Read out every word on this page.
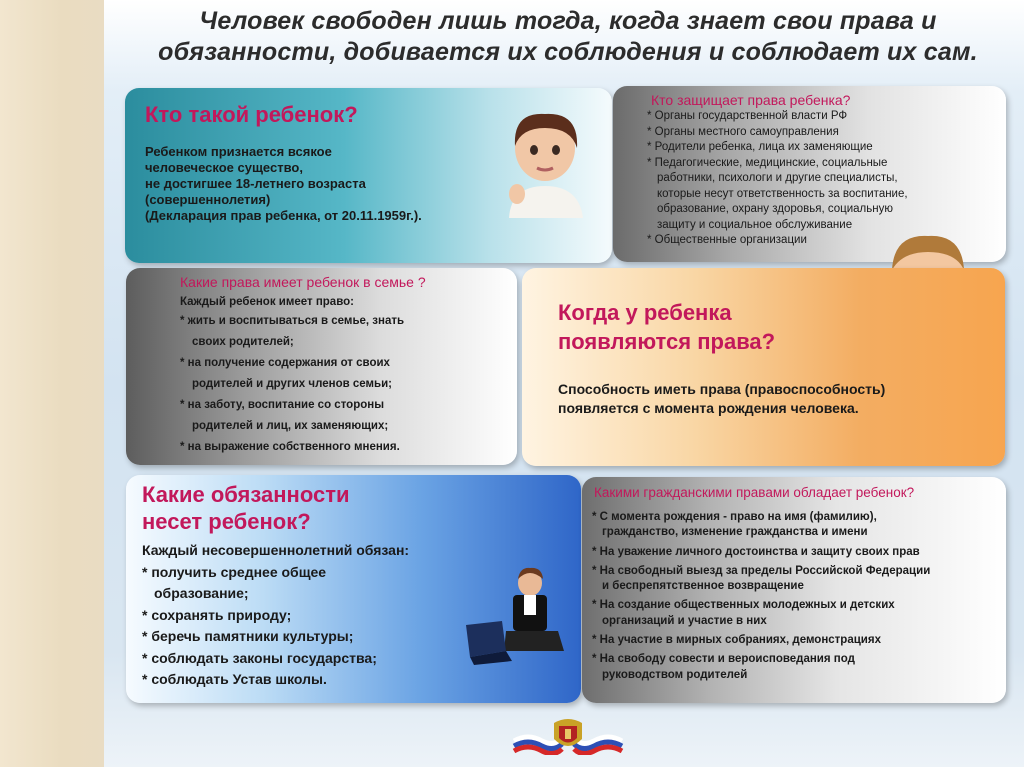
Человек свободен лишь тогда, когда знает свои права и обязанности, добивается их соблюдения и соблюдает их сам.
Кто такой ребенок?
Ребенком признается всякое
человеческое существо,
не достигшее 18-летнего возраста
(совершеннолетия)
(Декларация прав ребенка, от 20.11.1959г.).
Кто защищает права ребенка?
* Органы государственной власти РФ
* Органы местного самоуправления
* Родители ребенка, лица их заменяющие
* Педагогические, медицинские, социальные
работники, психологи и другие специалисты,
которые несут ответственность за воспитание,
образование, охрану здоровья, социальную
защиту и социальное обслуживание
* Общественные организации
Какие права имеет ребенок в семье ?
Каждый ребенок имеет право:
* жить и воспитываться в семье, знать
своих родителей;
* на получение содержания от своих
родителей и других членов семьи;
* на заботу, воспитание со стороны
родителей и лиц, их заменяющих;
* на выражение собственного мнения.
Когда у ребенка
появляются права?
Способность иметь права (правоспособность)
появляется с момента рождения человека.
Какие обязанности
несет ребенок?
Каждый несовершеннолетний обязан:
* получить среднее общее
образование;
* сохранять природу;
* беречь памятники культуры;
* соблюдать законы государства;
* соблюдать Устав школы.
Какими гражданскими правами обладает ребенок?
* С момента рождения - право на имя (фамилию),
гражданство, изменение гражданства и имени
* На уважение личного достоинства и защиту своих прав
* На свободный выезд за пределы Российской Федерации
и беспрепятственное возвращение
* На создание общественных молодежных и детских
организаций и участие в них
* На участие в мирных собраниях, демонстрациях
* На свободу совести и вероисповедания под
руководством родителей
